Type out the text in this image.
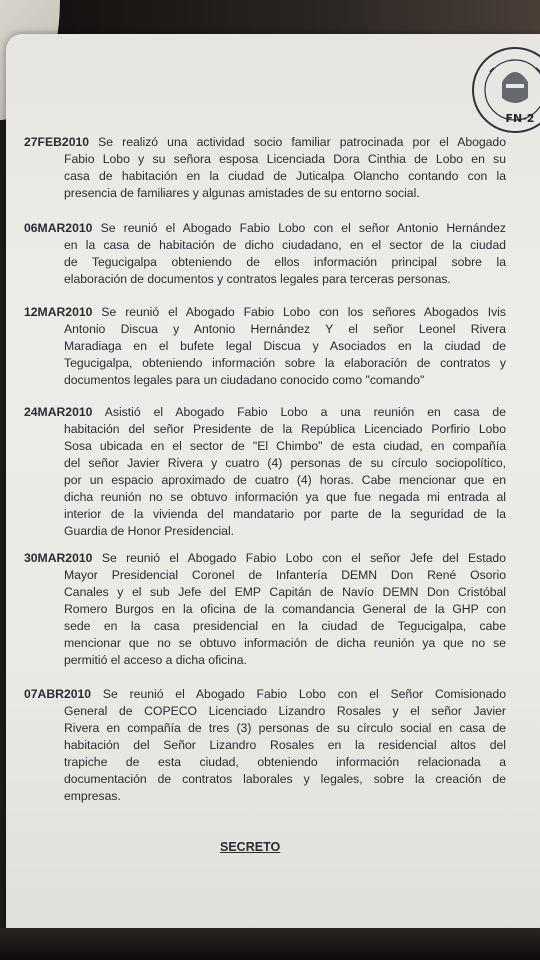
FN-2

27FEB2010 Se realizó una actividad socio familiar patrocinada por el Abogado
Fabio Lobo y su señora esposa Licenciada Dora Cinthia de Lobo en su
casa de habitación en la ciudad de Juticalpa Olancho contando con la
presencia de familiares y algunas amistades de su entorno social.

06MAR2010 Se reunió el Abogado Fabio Lobo con el señor Antonio Hernández
en la casa de habitación de dicho ciudadano, en el sector de la ciudad
de Tegucigalpa obteniendo de ellos información principal sobre la
elaboración de documentos y contratos legales para terceras personas.

12MAR2010 Se reunió el Abogado Fabio Lobo con los señores Abogados Ivis
Antonio Discua y Antonio Hernández Y el señor Leonel Rivera
Maradiaga en el bufete legal Discua y Asociados en la ciudad de
Tegucigalpa, obteniendo información sobre la elaboración de contratos y
documentos legales para un ciudadano conocido como "comando"

24MAR2010 Asistió el Abogado Fabio Lobo a una reunión en casa de
habitación del señor Presidente de la República Licenciado Porfirio Lobo
Sosa ubicada en el sector de "El Chimbo" de esta ciudad, en compañía
del señor Javier Rivera y cuatro (4) personas de su círculo sociopolítico,
por un espacio aproximado de cuatro (4) horas. Cabe mencionar que en
dicha reunión no se obtuvo información ya que fue negada mi entrada al
interior de la vivienda del mandatario por parte de la seguridad de la
Guardia de Honor Presidencial.

30MAR2010 Se reunió el Abogado Fabio Lobo con el señor Jefe del Estado
Mayor Presidencial Coronel de Infantería DEMN Don René Osorio
Canales y el sub Jefe del EMP Capitán de Navío DEMN Don Cristóbal
Romero Burgos en la oficina de la comandancia General de la GHP con
sede en la casa presidencial en la ciudad de Tegucigalpa, cabe
mencionar que no se obtuvo información de dicha reunión ya que no se
permitió el acceso a dicha oficina.

07ABR2010 Se reunió el Abogado Fabio Lobo con el Señor Comisionado
General de COPECO Licenciado Lizandro Rosales y el señor Javier
Rivera en compañía de tres (3) personas de su círculo social en casa de
habitación del Señor Lizandro Rosales en la residencial altos del
trapiche de esta ciudad, obteniendo información relacionada a
documentación de contratos laborales y legales, sobre la creación de
empresas.

SECRETO
